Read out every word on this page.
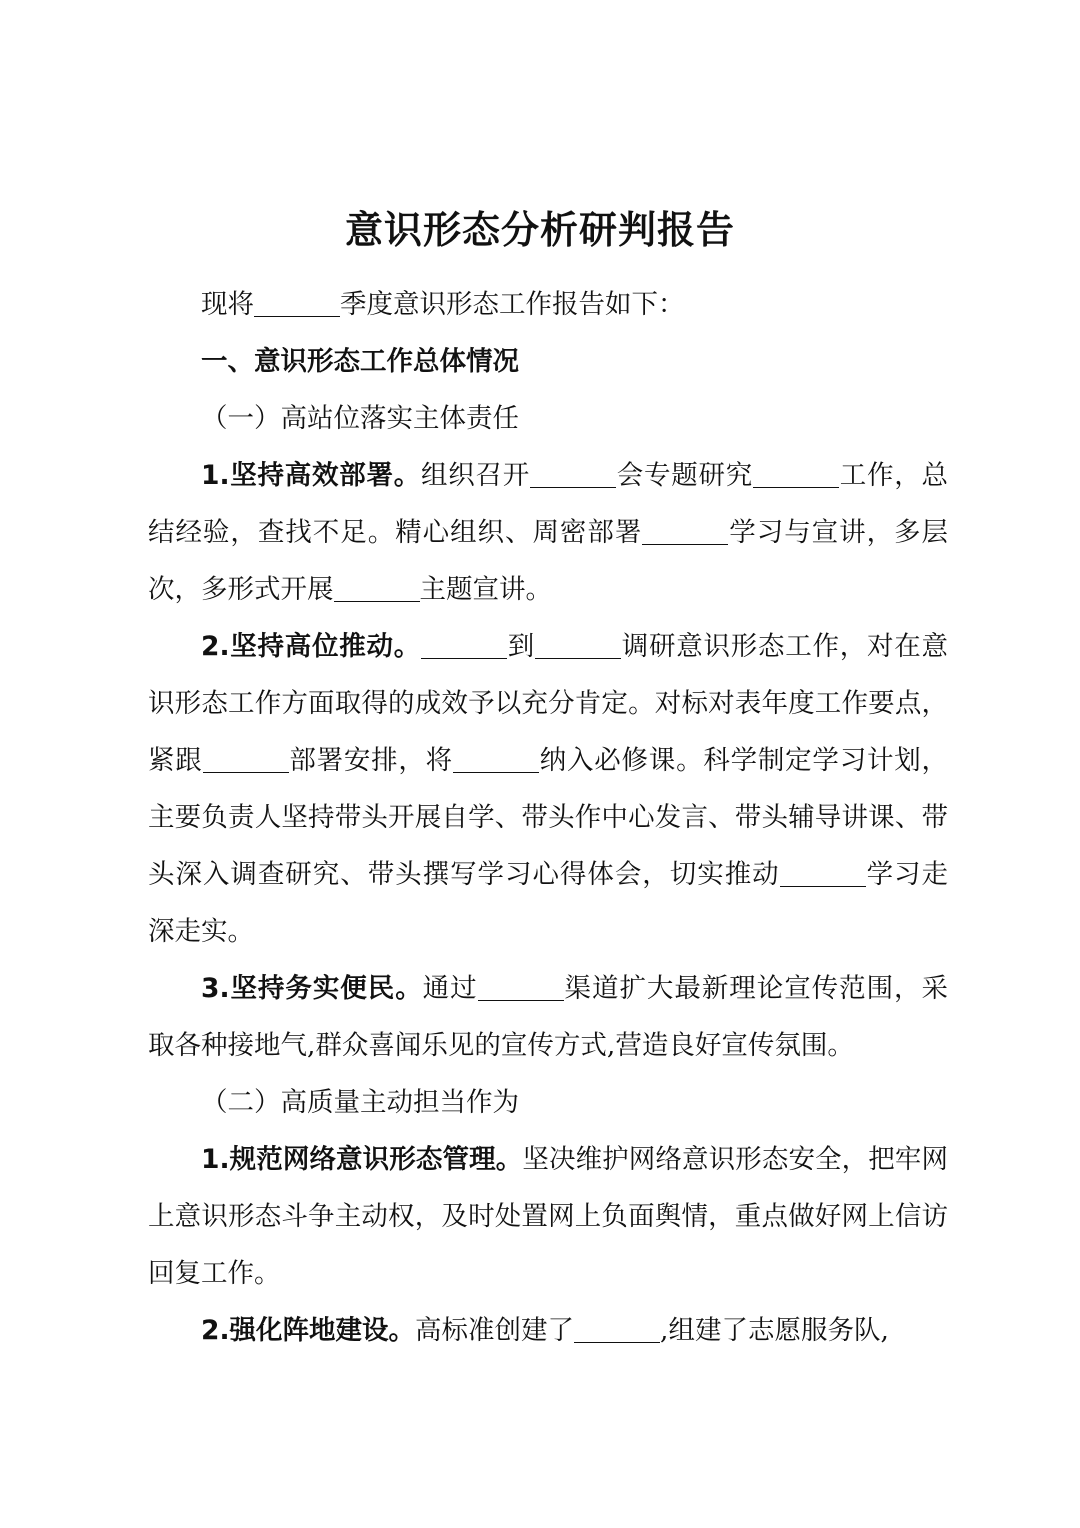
意识形态分析研判报告

现将	季度意识形态工作报告如下：

一、意识形态工作总体情况

（一）高站位落实主体责任

1.坚持高效部署。组织召开	会专题研究	工作，总结经验，查找不足。精心组织、周密部署	学习与宣讲，多层次，多形式开展	主题宣讲。

2.坚持高位推动。	到	调研意识形态工作，对在意识形态工作方面取得的成效予以充分肯定。对标对表年度工作要点，紧跟	部署安排，将	纳入必修课。科学制定学习计划，主要负责人坚持带头开展自学、带头作中心发言、带头辅导讲课、带头深入调查研究、带头撰写学习心得体会，切实推动	学习走深走实。

3.坚持务实便民。通过	渠道扩大最新理论宣传范围，采取各种接地气,群众喜闻乐见的宣传方式,营造良好宣传氛围。

（二）高质量主动担当作为

1.规范网络意识形态管理。坚决维护网络意识形态安全，把牢网上意识形态斗争主动权，及时处置网上负面舆情，重点做好网上信访回复工作。

2.强化阵地建设。高标准创建了	,组建了志愿服务队,
